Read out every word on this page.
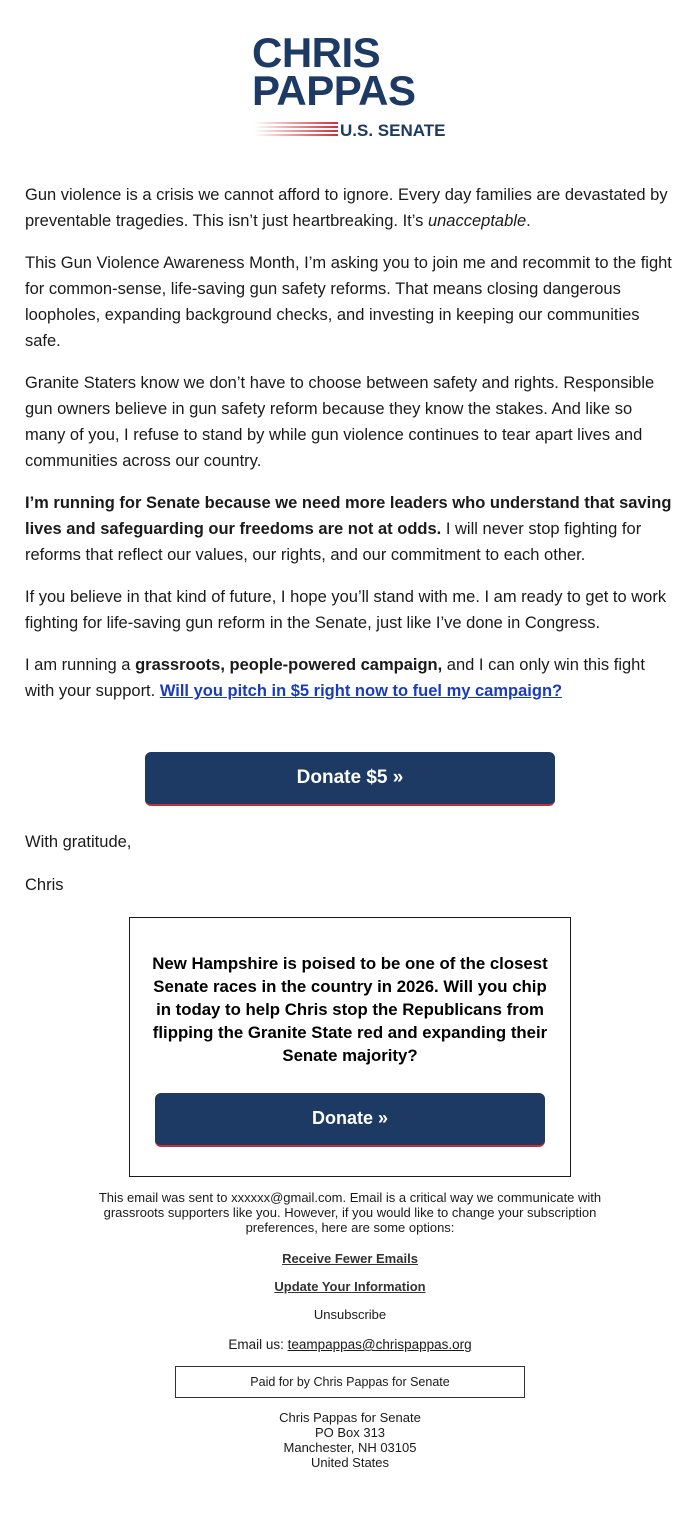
CHRIS
PAPPAS
U.S. SENATE

Gun violence is a crisis we cannot afford to ignore. Every day families are devastated by preventable tragedies. This isn’t just heartbreaking. It’s unacceptable.

This Gun Violence Awareness Month, I’m asking you to join me and recommit to the fight for common-sense, life-saving gun safety reforms. That means closing dangerous loopholes, expanding background checks, and investing in keeping our communities safe.

Granite Staters know we don’t have to choose between safety and rights. Responsible gun owners believe in gun safety reform because they know the stakes. And like so many of you, I refuse to stand by while gun violence continues to tear apart lives and communities across our country.

I’m running for Senate because we need more leaders who understand that saving lives and safeguarding our freedoms are not at odds. I will never stop fighting for reforms that reflect our values, our rights, and our commitment to each other.

If you believe in that kind of future, I hope you’ll stand with me. I am ready to get to work fighting for life-saving gun reform in the Senate, just like I’ve done in Congress.

I am running a grassroots, people-powered campaign, and I can only win this fight with your support. Will you pitch in $5 right now to fuel my campaign?

Donate $5 »
With gratitude,
Chris
New Hampshire is poised to be one of the closest Senate races in the country in 2026. Will you chip in today to help Chris stop the Republicans from flipping the Granite State red and expanding their Senate majority?
Donate »
This email was sent to xxxxxx@gmail.com. Email is a critical way we communicate with grassroots supporters like you. However, if you would like to change your subscription preferences, here are some options:
Receive Fewer Emails
Update Your Information
Unsubscribe
Email us: teampappas@chrispappas.org
Paid for by Chris Pappas for Senate
Chris Pappas for Senate
PO Box 313
Manchester, NH 03105
United States
